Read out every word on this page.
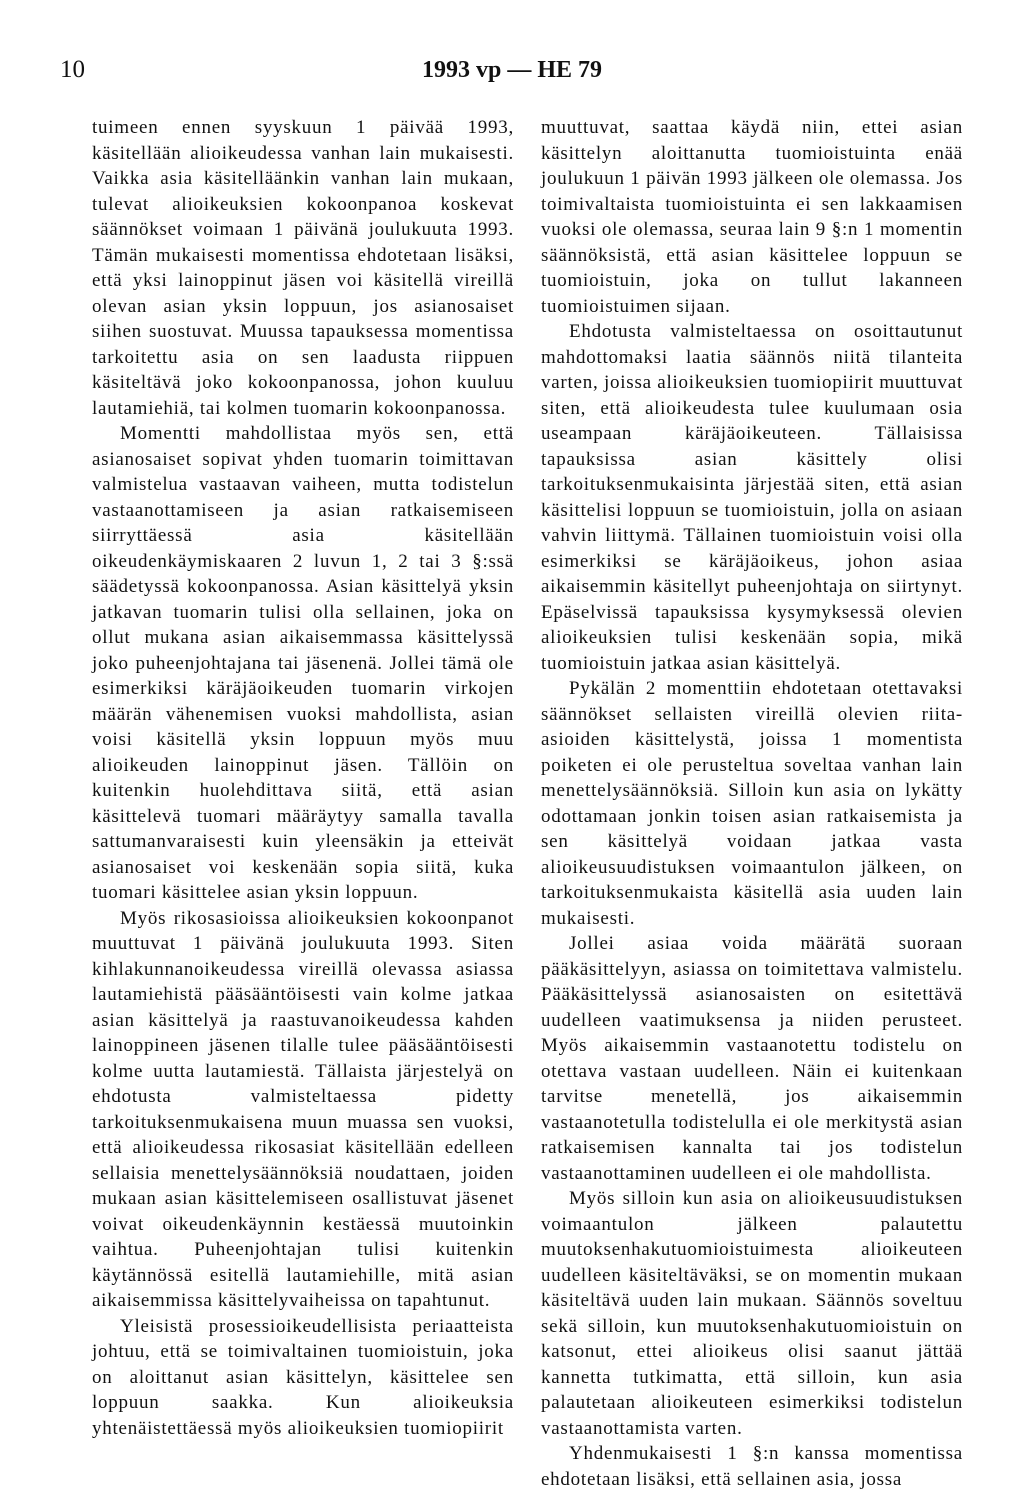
10	1993 vp — HE 79

tuimeen ennen syyskuun 1 päivää 1993, käsitellään alioikeudessa vanhan lain mukaisesti. Vaikka asia käsitelläänkin vanhan lain mukaan, tulevat alioikeuksien kokoonpanoa koskevat säännökset voimaan 1 päivänä joulukuuta 1993. Tämän mukaisesti momentissa ehdotetaan lisäksi, että yksi lainoppinut jäsen voi käsitellä vireillä olevan asian yksin loppuun, jos asianosaiset siihen suostuvat. Muussa tapauksessa momentissa tarkoitettu asia on sen laadusta riippuen käsiteltävä joko kokoonpanossa, johon kuuluu lautamiehiä, tai kolmen tuomarin kokoonpanossa.

Momentti mahdollistaa myös sen, että asianosaiset sopivat yhden tuomarin toimittavan valmistelua vastaavan vaiheen, mutta todistelun vastaanottamiseen ja asian ratkaisemiseen siirryttäessä asia käsitellään oikeudenkäymiskaaren 2 luvun 1, 2 tai 3 §:ssä säädetyssä kokoonpanossa. Asian käsittelyä yksin jatkavan tuomarin tulisi olla sellainen, joka on ollut mukana asian aikaisemmassa käsittelyssä joko puheenjohtajana tai jäsenenä. Jollei tämä ole esimerkiksi käräjäoikeuden tuomarin virkojen määrän vähenemisen vuoksi mahdollista, asian voisi käsitellä yksin loppuun myös muu alioikeuden lainoppinut jäsen. Tällöin on kuitenkin huolehdittava siitä, että asian käsittelevä tuomari määräytyy samalla tavalla sattumanvaraisesti kuin yleensäkin ja etteivät asianosaiset voi keskenään sopia siitä, kuka tuomari käsittelee asian yksin loppuun.

Myös rikosasioissa alioikeuksien kokoonpanot muuttuvat 1 päivänä joulukuuta 1993. Siten kihlakunnanoikeudessa vireillä olevassa asiassa lautamiehistä pääsääntöisesti vain kolme jatkaa asian käsittelyä ja raastuvanoikeudessa kahden lainoppineen jäsenen tilalle tulee pääsääntöisesti kolme uutta lautamiestä. Tällaista järjestelyä on ehdotusta valmisteltaessa pidetty tarkoituksenmukaisena muun muassa sen vuoksi, että alioikeudessa rikosasiat käsitellään edelleen sellaisia menettelysäännöksiä noudattaen, joiden mukaan asian käsittelemiseen osallistuvat jäsenet voivat oikeudenkäynnin kestäessä muutoinkin vaihtua. Puheenjohtajan tulisi kuitenkin käytännössä esitellä lautamiehille, mitä asian aikaisemmissa käsittelyvaiheissa on tapahtunut.

Yleisistä prosessioikeudellisista periaatteista johtuu, että se toimivaltainen tuomioistuin, joka on aloittanut asian käsittelyn, käsittelee sen loppuun saakka. Kun alioikeuksia yhtenäistettäessä myös alioikeuksien tuomiopiirit

muuttuvat, saattaa käydä niin, ettei asian käsittelyn aloittanutta tuomioistuinta enää joulukuun 1 päivän 1993 jälkeen ole olemassa. Jos toimivaltaista tuomioistuinta ei sen lakkaamisen vuoksi ole olemassa, seuraa lain 9 §:n 1 momentin säännöksistä, että asian käsittelee loppuun se tuomioistuin, joka on tullut lakanneen tuomioistuimen sijaan.

Ehdotusta valmisteltaessa on osoittautunut mahdottomaksi laatia säännös niitä tilanteita varten, joissa alioikeuksien tuomiopiirit muuttuvat siten, että alioikeudesta tulee kuulumaan osia useampaan käräjäoikeuteen. Tällaisissa tapauksissa asian käsittely olisi tarkoituksenmukaisinta järjestää siten, että asian käsittelisi loppuun se tuomioistuin, jolla on asiaan vahvin liittymä. Tällainen tuomioistuin voisi olla esimerkiksi se käräjäoikeus, johon asiaa aikaisemmin käsitellyt puheenjohtaja on siirtynyt. Epäselvissä tapauksissa kysymyksessä olevien alioikeuksien tulisi keskenään sopia, mikä tuomioistuin jatkaa asian käsittelyä.

Pykälän 2 momenttiin ehdotetaan otettavaksi säännökset sellaisten vireillä olevien riita-asioiden käsittelystä, joissa 1 momentista poiketen ei ole perusteltua soveltaa vanhan lain menettelysäännöksiä. Silloin kun asia on lykätty odottamaan jonkin toisen asian ratkaisemista ja sen käsittelyä voidaan jatkaa vasta alioikeusuudistuksen voimaantulon jälkeen, on tarkoituksenmukaista käsitellä asia uuden lain mukaisesti.

Jollei asiaa voida määrätä suoraan pääkäsittelyyn, asiassa on toimitettava valmistelu. Pääkäsittelyssä asianosaisten on esitettävä uudelleen vaatimuksensa ja niiden perusteet. Myös aikaisemmin vastaanotettu todistelu on otettava vastaan uudelleen. Näin ei kuitenkaan tarvitse menetellä, jos aikaisemmin vastaanotetulla todistelulla ei ole merkitystä asian ratkaisemisen kannalta tai jos todistelun vastaanottaminen uudelleen ei ole mahdollista.

Myös silloin kun asia on alioikeusuudistuksen voimaantulon jälkeen palautettu muutoksenhakutuomioistuimesta alioikeuteen uudelleen käsiteltäväksi, se on momentin mukaan käsiteltävä uuden lain mukaan. Säännös soveltuu sekä silloin, kun muutoksenhakutuomioistuin on katsonut, ettei alioikeus olisi saanut jättää kannetta tutkimatta, että silloin, kun asia palautetaan alioikeuteen esimerkiksi todistelun vastaanottamista varten.

Yhdenmukaisesti 1 §:n kanssa momentissa ehdotetaan lisäksi, että sellainen asia, jossa
